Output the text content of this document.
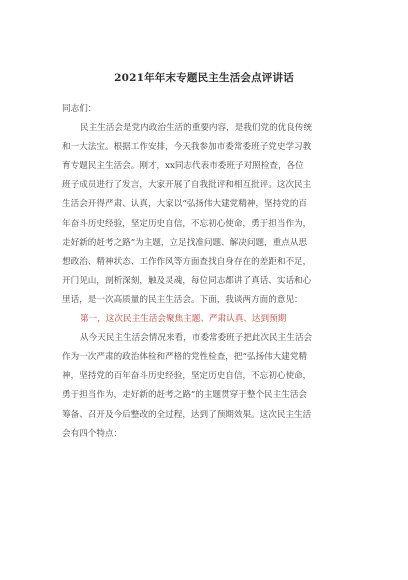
2021年年末专题民主生活会点评讲话
同志们：
民主生活会是党内政治生活的重要内容，是我们党的优良传统
和一大法宝。根据工作安排，今天我参加市委常委班子党史学习教
育专题民主生活会。刚才，xx同志代表市委班子对照检查，各位
班子成员进行了发言，大家开展了自我批评和相互批评。这次民主
生活会开得严肃、认真，大家以“弘扬伟大建党精神，坚持党的百
年奋斗历史经验，坚定历史自信，不忘初心使命，勇于担当作为，
走好新的赶考之路”为主题，立足找准问题、解决问题，重点从思
想政治、精神状态、工作作风等方面查找自身存在的差距和不足，
开门见山，剖析深刻，触及灵魂，每位同志都讲了真话、实话和心
里话，是一次高质量的民主生活会。下面，我谈两方面的意见：
第一，这次民主生活会聚焦主题、严肃认真、达到预期
从今天民主生活会情况来看，市委常委班子把此次民主生活会
作为一次严肃的政治体检和严格的党性检查，把“弘扬伟大建党精
神，坚持党的百年奋斗历史经验，坚定历史自信，不忘初心使命，
勇于担当作为，走好新的赶考之路”的主题贯穿于整个民主生活会
筹备、召开及今后整改的全过程，达到了预期效果。这次民主生活
会有四个特点：
